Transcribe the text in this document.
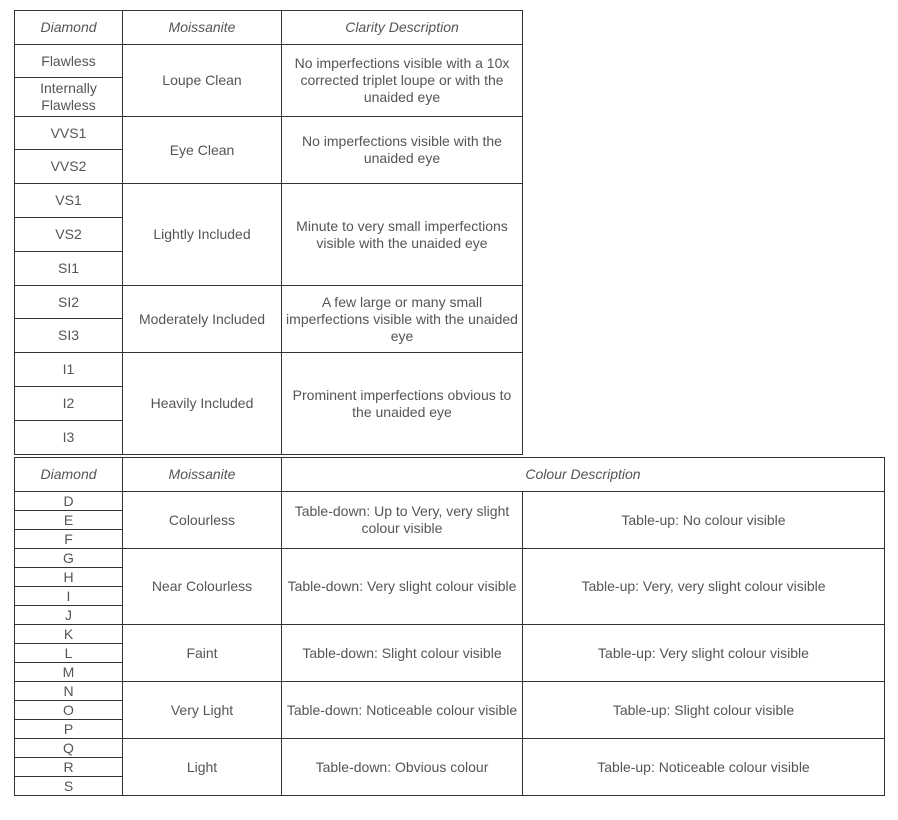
Diamond	Moissanite	Clarity Description
Flawless	Loupe Clean	No imperfections visible with a 10x corrected triplet loupe or with the unaided eye
Internally Flawless		
VVS1	Eye Clean	No imperfections visible with the unaided eye
VVS2		
VS1	Lightly Included	Minute to very small imperfections visible with the unaided eye
VS2		
SI1		
SI2	Moderately Included	A few large or many small imperfections visible with the unaided eye
SI3		
I1	Heavily Included	Prominent imperfections obvious to the unaided eye
I2		
I3		
Diamond	Moissanite	Colour Description	
D	Colourless	Table-down: Up to Very, very slight colour visible	Table-up: No colour visible
E			
F			
G	Near Colourless	Table-down: Very slight colour visible	Table-up: Very, very slight colour visible
H			
I			
J			
K	Faint	Table-down: Slight colour visible	Table-up: Very slight colour visible
L			
M			
N	Very Light	Table-down: Noticeable colour visible	Table-up: Slight colour visible
O			
P			
Q	Light	Table-down: Obvious colour	Table-up: Noticeable colour visible
R			
S			
